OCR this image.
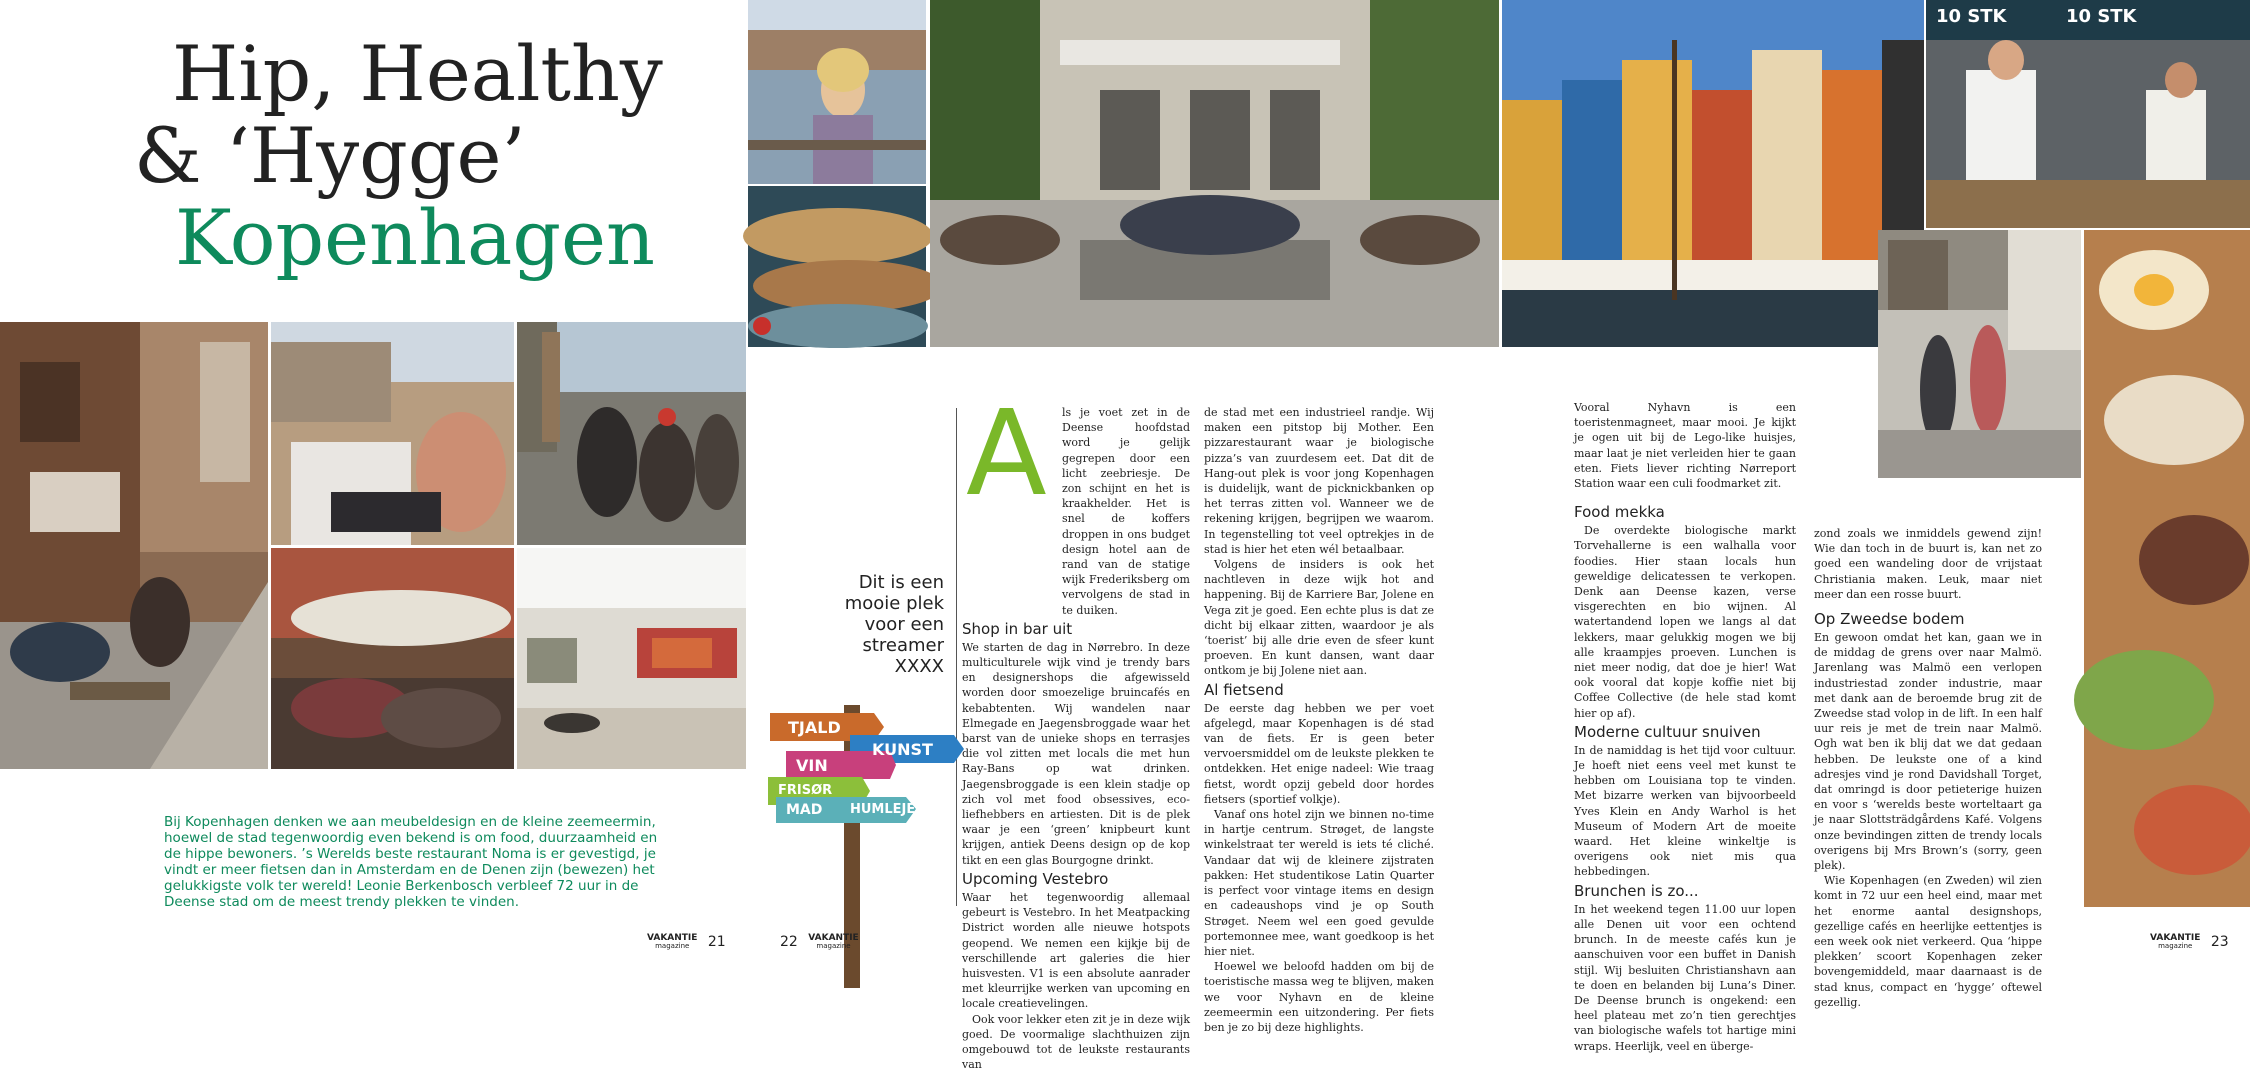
Hip, Healthy
& ‘Hygge’
Kopenhagen
Bij Kopenhagen denken we aan meubeldesign en de kleine zeemeermin, hoewel de stad tegenwoordig even bekend is om food, duurzaamheid en de hippe bewoners. ’s Werelds beste restaurant Noma is er gevestigd, je vindt er meer fietsen dan in Amsterdam en de Denen zijn (bewezen) het gelukkigste volk ter wereld! Leonie Berkenbosch verbleef 72 uur in de Deense stad om de meest trendy plekken te vinden.
VAKANTIE
magazine	21
A
Dit is een mooie plek voor een streamer XXXX
TJALD
KUNST
VIN
FRISØR
MAD HUMLEJE

ls je voet zet in de Deense hoofdstad word je gelijk gegrepen door een licht zeebriesje. De zon schijnt en het is kraakhelder. Het is snel de koffers droppen in ons budget design hotel aan de rand van de statige wijk Frederiksberg om vervolgens de stad in te duiken.

Shop in bar uit

We starten de dag in Nørrebro. In deze multiculturele wijk vind je trendy bars en designershops die afgewisseld worden door smoezelige bruincafés en kebabtenten. Wij wandelen naar Elmegade en Jaegensbroggade waar het barst van de unieke shops en terrasjes die vol zitten met locals die met hun Ray-Bans op wat drinken. Jaegensbroggade is een klein stadje op zich vol met food obsessives, eco-liefhebbers en artiesten. Dit is de plek waar je een ‘green’ knipbeurt kunt krijgen, antiek Deens design op de kop tikt en een glas Bourgogne drinkt.

Upcoming Vestebro

Waar het tegenwoordig allemaal gebeurt is Vestebro. In het Meatpacking District worden alle nieuwe hotspots geopend. We nemen een kijkje bij de verschillende art galeries die hier huisvesten. V1 is een absolute aanrader met kleurrijke werken van upcoming en locale creatievelingen.

Ook voor lekker eten zit je in deze wijk goed. De voormalige slachthuizen zijn omgebouwd tot de leukste restaurants van

de stad met een industrieel randje. Wij maken een pitstop bij Mother. Een pizzarestaurant waar je biologische pizza’s van zuurdesem eet. Dat dit de Hang-out plek is voor jong Kopenhagen is duidelijk, want de picknickbanken op het terras zitten vol. Wanneer we de rekening krijgen, begrijpen we waarom. In tegenstelling tot veel optrekjes in de stad is hier het eten wél betaalbaar.

Volgens de insiders is ook het nachtleven in deze wijk hot and happening. Bij de Karriere Bar, Jolene en Vega zit je goed. Een echte plus is dat ze dicht bij elkaar zitten, waardoor je als ‘toerist’ bij alle drie even de sfeer kunt proeven. En kunt dansen, want daar ontkom je bij Jolene niet aan.

Al fietsend

De eerste dag hebben we per voet afgelegd, maar Kopenhagen is dé stad van de fiets. Er is geen beter vervoersmiddel om de leukste plekken te ontdekken. Het enige nadeel: Wie traag fietst, wordt opzij gebeld door hordes fietsers (sportief volkje).

Vanaf ons hotel zijn we binnen no-time in hartje centrum. Strøget, de langste winkelstraat ter wereld is iets té cliché. Vandaar dat wij de kleinere zijstraten pakken: Het studentikose Latin Quarter is perfect voor vintage items en design en cadeaushops vind je op South Strøget. Neem wel een goed gevulde portemonnee mee, want goedkoop is het hier niet.

Hoewel we beloofd hadden om bij de toeristische massa weg te blijven, maken we voor Nyhavn en de kleine zeemeermin een uitzondering. Per fiets ben je zo bij deze highlights.

22 VAKANTIE
magazine
10 STK	10 STK

Vooral Nyhavn is een toeristenmagneet, maar mooi. Je kijkt je ogen uit bij de Lego-like huisjes, maar laat je niet verleiden hier te gaan eten. Fiets liever richting Nørreport Station waar een culi foodmarket zit.

Food mekka

De overdekte biologische markt Torvehallerne is een walhalla voor foodies. Hier staan locals hun geweldige delicatessen te verkopen. Denk aan Deense kazen, verse visgerechten en bio wijnen. Al watertandend lopen we langs al dat lekkers, maar gelukkig mogen we bij alle kraampjes proeven. Lunchen is niet meer nodig, dat doe je hier! Wat ook vooral dat kopje koffie niet bij Coffee Collective (de hele stad komt hier op af).

Moderne cultuur snuiven

In de namiddag is het tijd voor cultuur. Je hoeft niet eens veel met kunst te hebben om Louisiana top te vinden. Met bizarre werken van bijvoorbeeld Yves Klein en Andy Warhol is het Museum of Modern Art de moeite waard. Het kleine winkeltje is overigens ook niet mis qua hebbedingen.

Brunchen is zo...

In het weekend tegen 11.00 uur lopen alle Denen uit voor een ochtend brunch. In de meeste cafés kun je aanschuiven voor een buffet in Danish stijl. Wij besluiten Christianshavn aan te doen en belanden bij Luna’s Diner. De Deense brunch is ongekend: een heel plateau met zo’n tien gerechtjes van biologische wafels tot hartige mini wraps. Heerlijk, veel en überge-

zond zoals we inmiddels gewend zijn! Wie dan toch in de buurt is, kan net zo goed een wandeling door de vrijstaat Christiania maken. Leuk, maar niet meer dan een rosse buurt.

Op Zweedse bodem

En gewoon omdat het kan, gaan we in de middag de grens over naar Malmö. Jarenlang was Malmö een verlopen industriestad zonder industrie, maar met dank aan de beroemde brug zit de Zweedse stad volop in de lift. In een half uur reis je met de trein naar Malmö. Ogh wat ben ik blij dat we dat gedaan hebben. De leukste one of a kind adresjes vind je rond Davidshall Torget, dat omringd is door petieterige huizen en voor s ‘werelds beste worteltaart ga je naar Slottsträdgårdens Kafé. Volgens onze bevindingen zitten de trendy locals overigens bij Mrs Brown’s (sorry, geen plek).

Wie Kopenhagen (en Zweden) wil zien komt in 72 uur een heel eind, maar met het enorme aantal designshops, gezellige cafés en heerlijke eettentjes is een week ook niet verkeerd. Qua ‘hippe plekken’ scoort Kopenhagen zeker bovengemiddeld, maar daarnaast is de stad knus, compact en ‘hygge’ oftewel gezellig.

VAKANTIE
magazine	23
